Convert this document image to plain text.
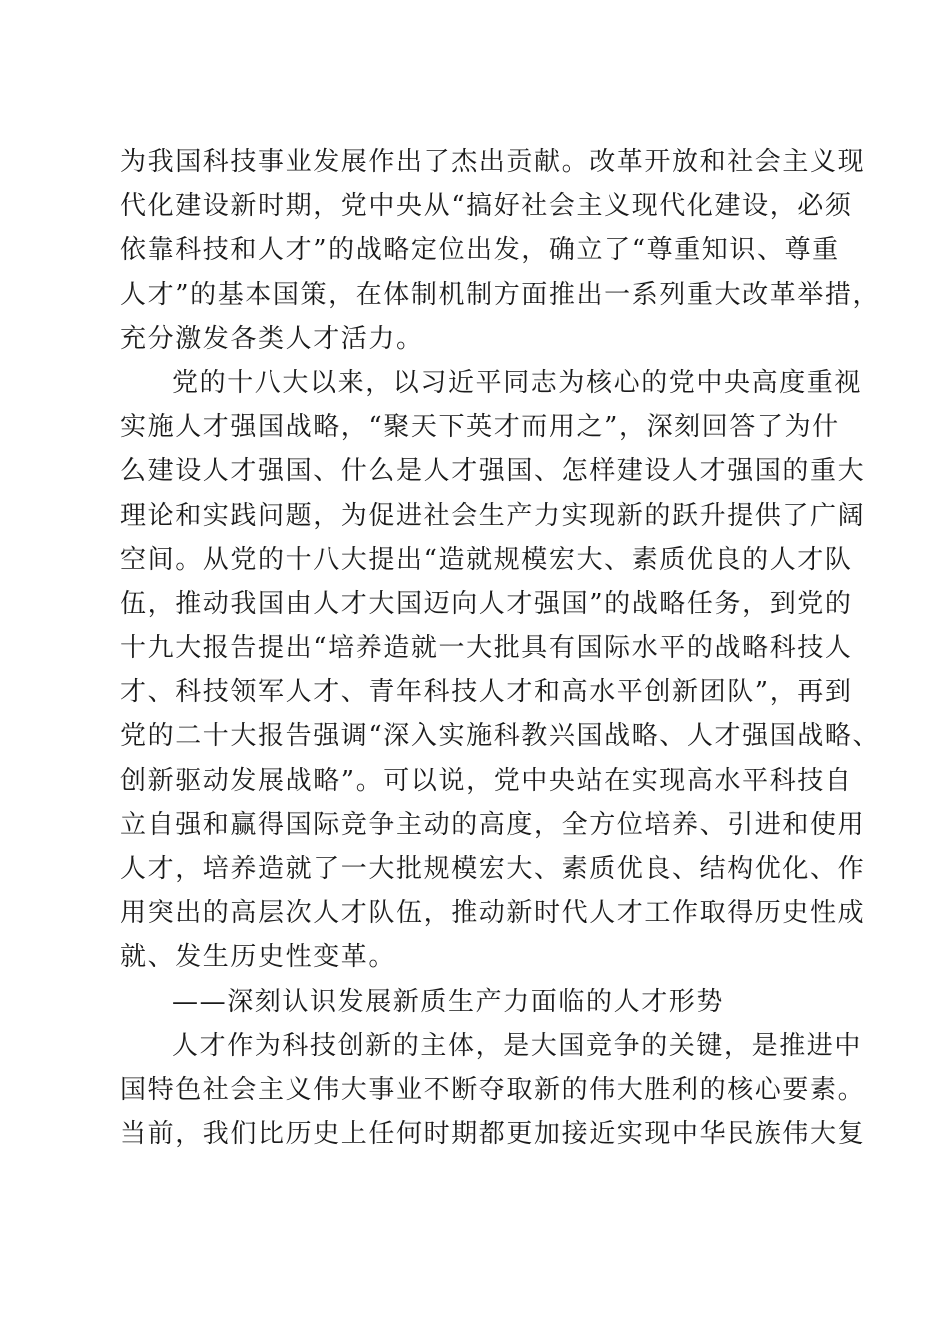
为我国科技事业发展作出了杰出贡献。改革开放和社会主义现
代化建设新时期，党中央从“搞好社会主义现代化建设，必须
依靠科技和人才”的战略定位出发，确立了“尊重知识、尊重
人才”的基本国策，在体制机制方面推出一系列重大改革举措，
充分激发各类人才活力。
党的十八大以来，以习近平同志为核心的党中央高度重视
实施人才强国战略，“聚天下英才而用之”，深刻回答了为什
么建设人才强国、什么是人才强国、怎样建设人才强国的重大
理论和实践问题，为促进社会生产力实现新的跃升提供了广阔
空间。从党的十八大提出“造就规模宏大、素质优良的人才队
伍，推动我国由人才大国迈向人才强国”的战略任务，到党的
十九大报告提出“培养造就一大批具有国际水平的战略科技人
才、科技领军人才、青年科技人才和高水平创新团队”，再到
党的二十大报告强调“深入实施科教兴国战略、人才强国战略、
创新驱动发展战略”。可以说，党中央站在实现高水平科技自
立自强和赢得国际竞争主动的高度，全方位培养、引进和使用
人才，培养造就了一大批规模宏大、素质优良、结构优化、作
用突出的高层次人才队伍，推动新时代人才工作取得历史性成
就、发生历史性变革。
——深刻认识发展新质生产力面临的人才形势
人才作为科技创新的主体，是大国竞争的关键，是推进中
国特色社会主义伟大事业不断夺取新的伟大胜利的核心要素。
当前，我们比历史上任何时期都更加接近实现中华民族伟大复
